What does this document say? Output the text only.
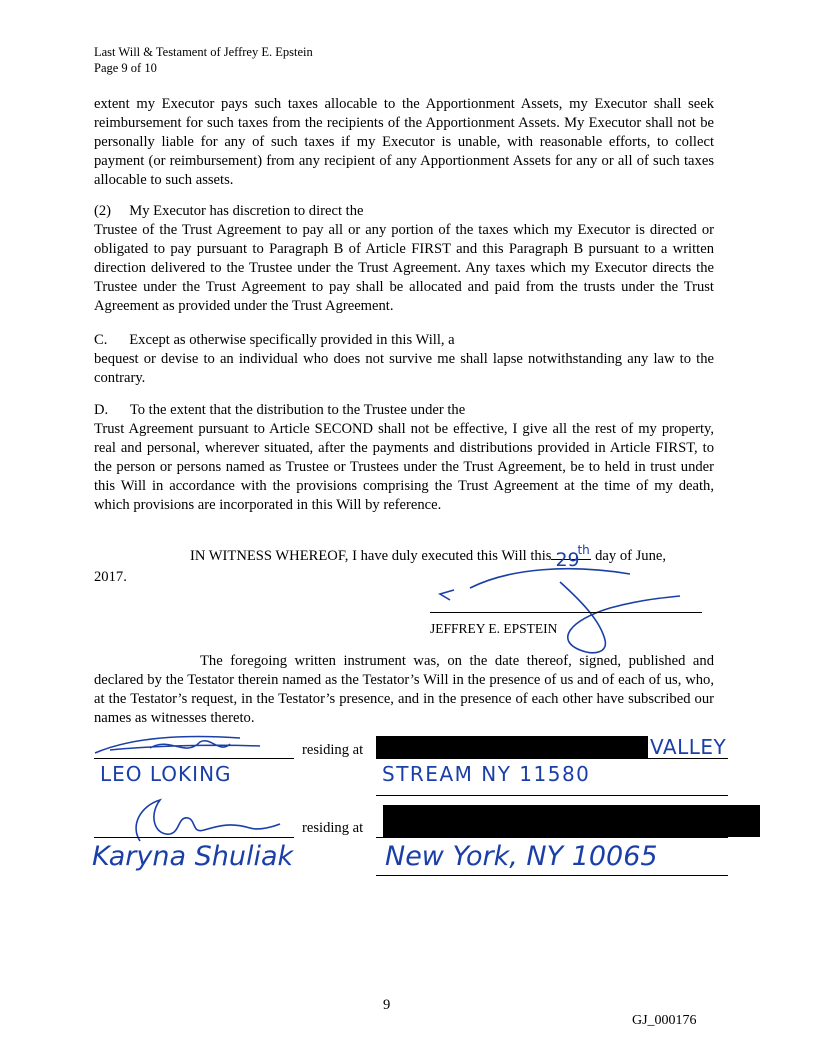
Last Will & Testament of Jeffrey E. Epstein
Page 9 of 10
extent my Executor pays such taxes allocable to the Apportionment Assets, my Executor shall seek reimbursement for such taxes from the recipients of the Apportionment Assets. My Executor shall not be personally liable for any of such taxes if my Executor is unable, with reasonable efforts, to collect payment (or reimbursement) from any recipient of any Apportionment Assets for any or all of such taxes allocable to such assets.
(2)     My Executor has discretion to direct the
Trustee of the Trust Agreement to pay all or any portion of the taxes which my Executor is directed or obligated to pay pursuant to Paragraph B of Article FIRST and this Paragraph B pursuant to a written direction delivered to the Trustee under the Trust Agreement. Any taxes which my Executor directs the Trustee under the Trust Agreement to pay shall be allocated and paid from the trusts under the Trust Agreement as provided under the Trust Agreement.
C.      Except as otherwise specifically provided in this Will, a
bequest or devise to an individual who does not survive me shall lapse notwithstanding any law to the contrary.
D.      To the extent that the distribution to the Trustee under the
Trust Agreement pursuant to Article SECOND shall not be effective, I give all the rest of my property, real and personal, wherever situated, after the payments and distributions provided in Article FIRST, to the person or persons named as Trustee or Trustees under the Trust Agreement, be to held in trust under this Will in accordance with the provisions comprising the Trust Agreement at the time of my death, which provisions are incorporated in this Will by reference.
IN WITNESS WHEREOF, I have duly executed this Will this 29
th day of June,
2017.
JEFFREY E. EPSTEIN
The foregoing written instrument was, on the date thereof, signed, published and declared by the Testator therein named as the Testator’s Will in the presence of us and of each of us, who, at the Testator’s request, in the Testator’s presence, and in the presence of each other have subscribed our names as witnesses thereto.
residing at	VALLEY
LEO LOKING	STREAM NY 11580
residing at
Karyna Shuliak	New York, NY 10065
9
GJ_000176
